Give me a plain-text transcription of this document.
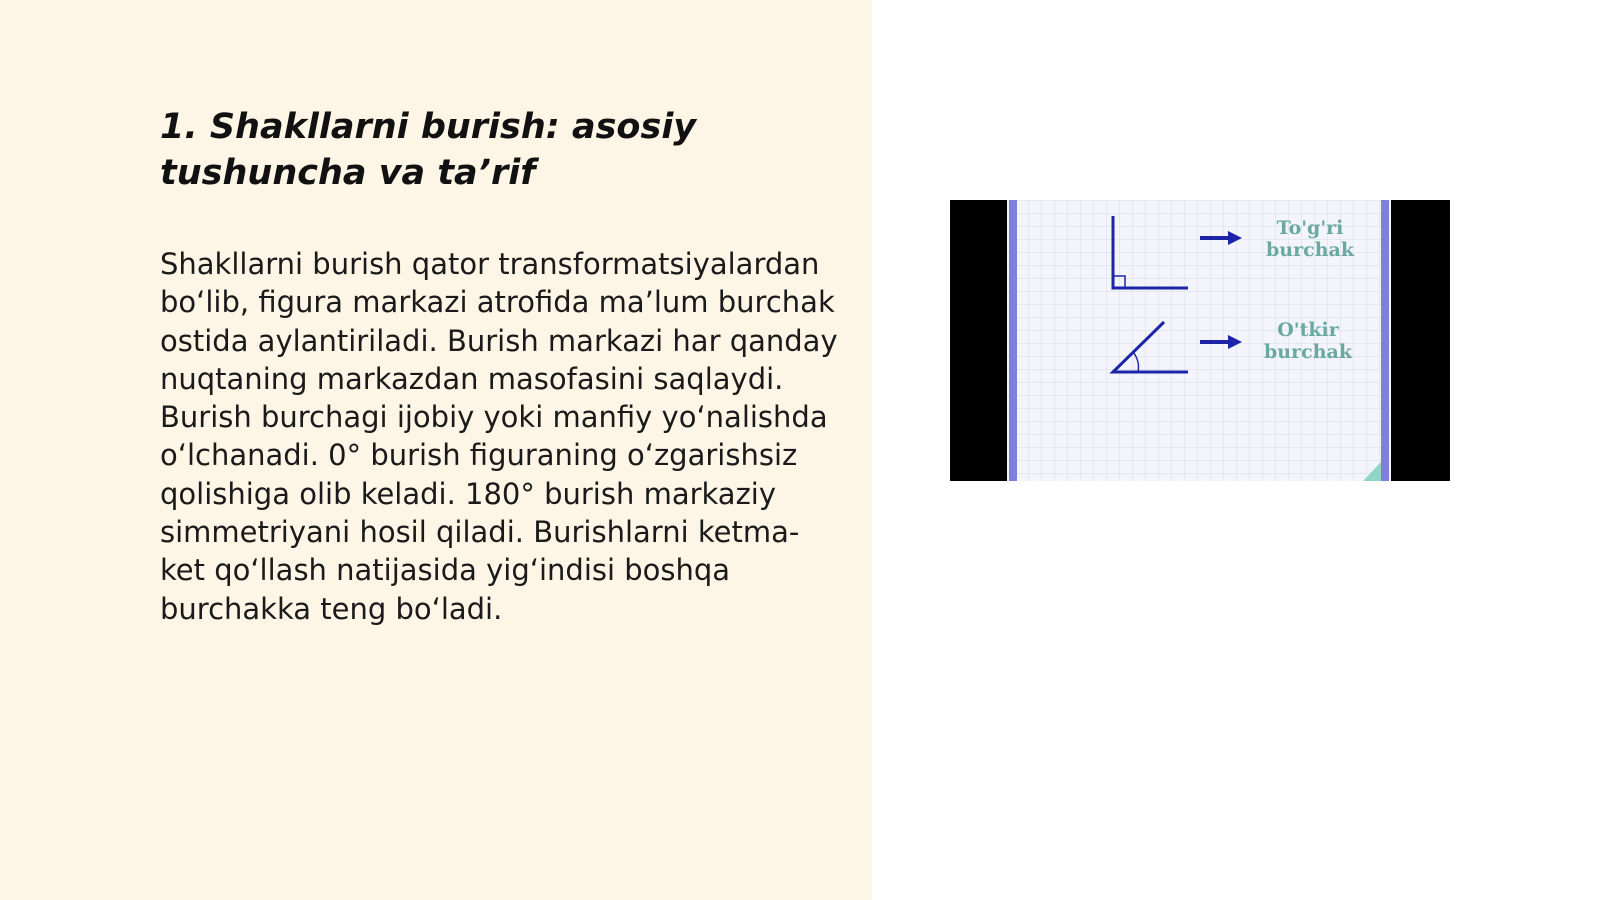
1. Shakllarni burish: asosiy tushuncha va ta’rif

Shakllarni burish qator transformatsiyalardan bo‘lib, figura markazi atrofida ma’lum burchak ostida aylantiriladi. Burish markazi har qanday nuqtaning markazdan masofasini saqlaydi. Burish burchagi ijobiy yoki manfiy yo‘nalishda o‘lchanadi. 0° burish figuraning o‘zgarishsiz qolishiga olib keladi. 180° burish markaziy simmetriyani hosil qiladi. Burishlarni ketma-ket qo‘llash natijasida yig‘indisi boshqa burchakka teng bo‘ladi.

To'g'ri
burchak
O'tkir
burchak
